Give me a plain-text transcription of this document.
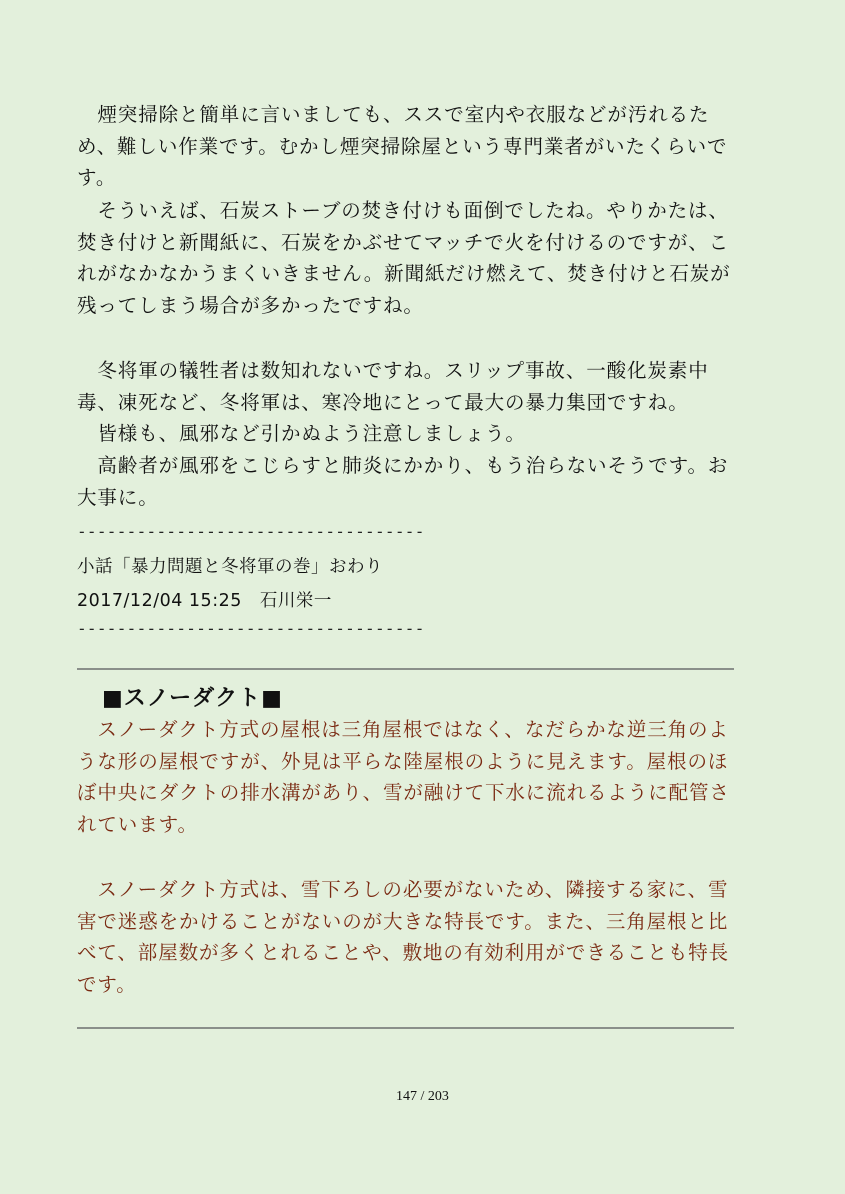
　煙突掃除と簡単に言いましても、ススで室内や衣服などが汚れるため、難しい作業です。むかし煙突掃除屋という専門業者がいたくらいです。

　そういえば、石炭ストーブの焚き付けも面倒でしたね。やりかたは、焚き付けと新聞紙に、石炭をかぶせてマッチで火を付けるのですが、これがなかなかうまくいきません。新聞紙だけ燃えて、焚き付けと石炭が残ってしまう場合が多かったですね。

　冬将軍の犠牲者は数知れないですね。スリップ事故、一酸化炭素中毒、凍死など、冬将軍は、寒冷地にとって最大の暴力集団ですね。

　皆様も、風邪など引かぬよう注意しましょう。

　高齢者が風邪をこじらすと肺炎にかかり、もう治らないそうです。お大事に。

-----------------------------------

小話「暴力問題と冬将軍の巻」おわり

2017/12/04 15:25　石川栄一

-----------------------------------

■スノーダクト■

　スノーダクト方式の屋根は三角屋根ではなく、なだらかな逆三角のような形の屋根ですが、外見は平らな陸屋根のように見えます。屋根のほぼ中央にダクトの排水溝があり、雪が融けて下水に流れるように配管されています。

　スノーダクト方式は、雪下ろしの必要がないため、隣接する家に、雪害で迷惑をかけることがないのが大きな特長です。また、三角屋根と比べて、部屋数が多くとれることや、敷地の有効利用ができることも特長です。

147 / 203
